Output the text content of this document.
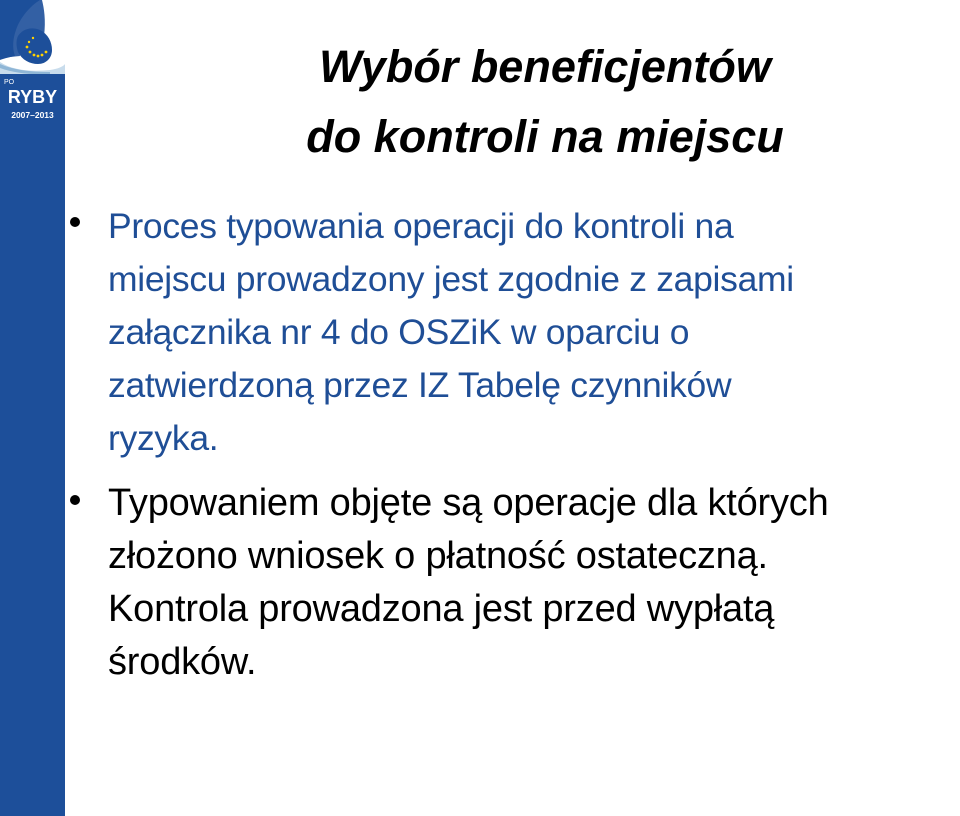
PO
RYBY
2007–2013
Wybór beneficjentów
do kontroli na miejscu
Proces typowania operacji do kontroli na
miejscu prowadzony jest zgodnie z zapisami
załącznika nr 4 do OSZiK w oparciu o
zatwierdzoną przez IZ Tabelę czynników
ryzyka.
Typowaniem objęte są operacje dla których
złożono wniosek o płatność ostateczną.
Kontrola prowadzona jest przed wypłatą
środków.
